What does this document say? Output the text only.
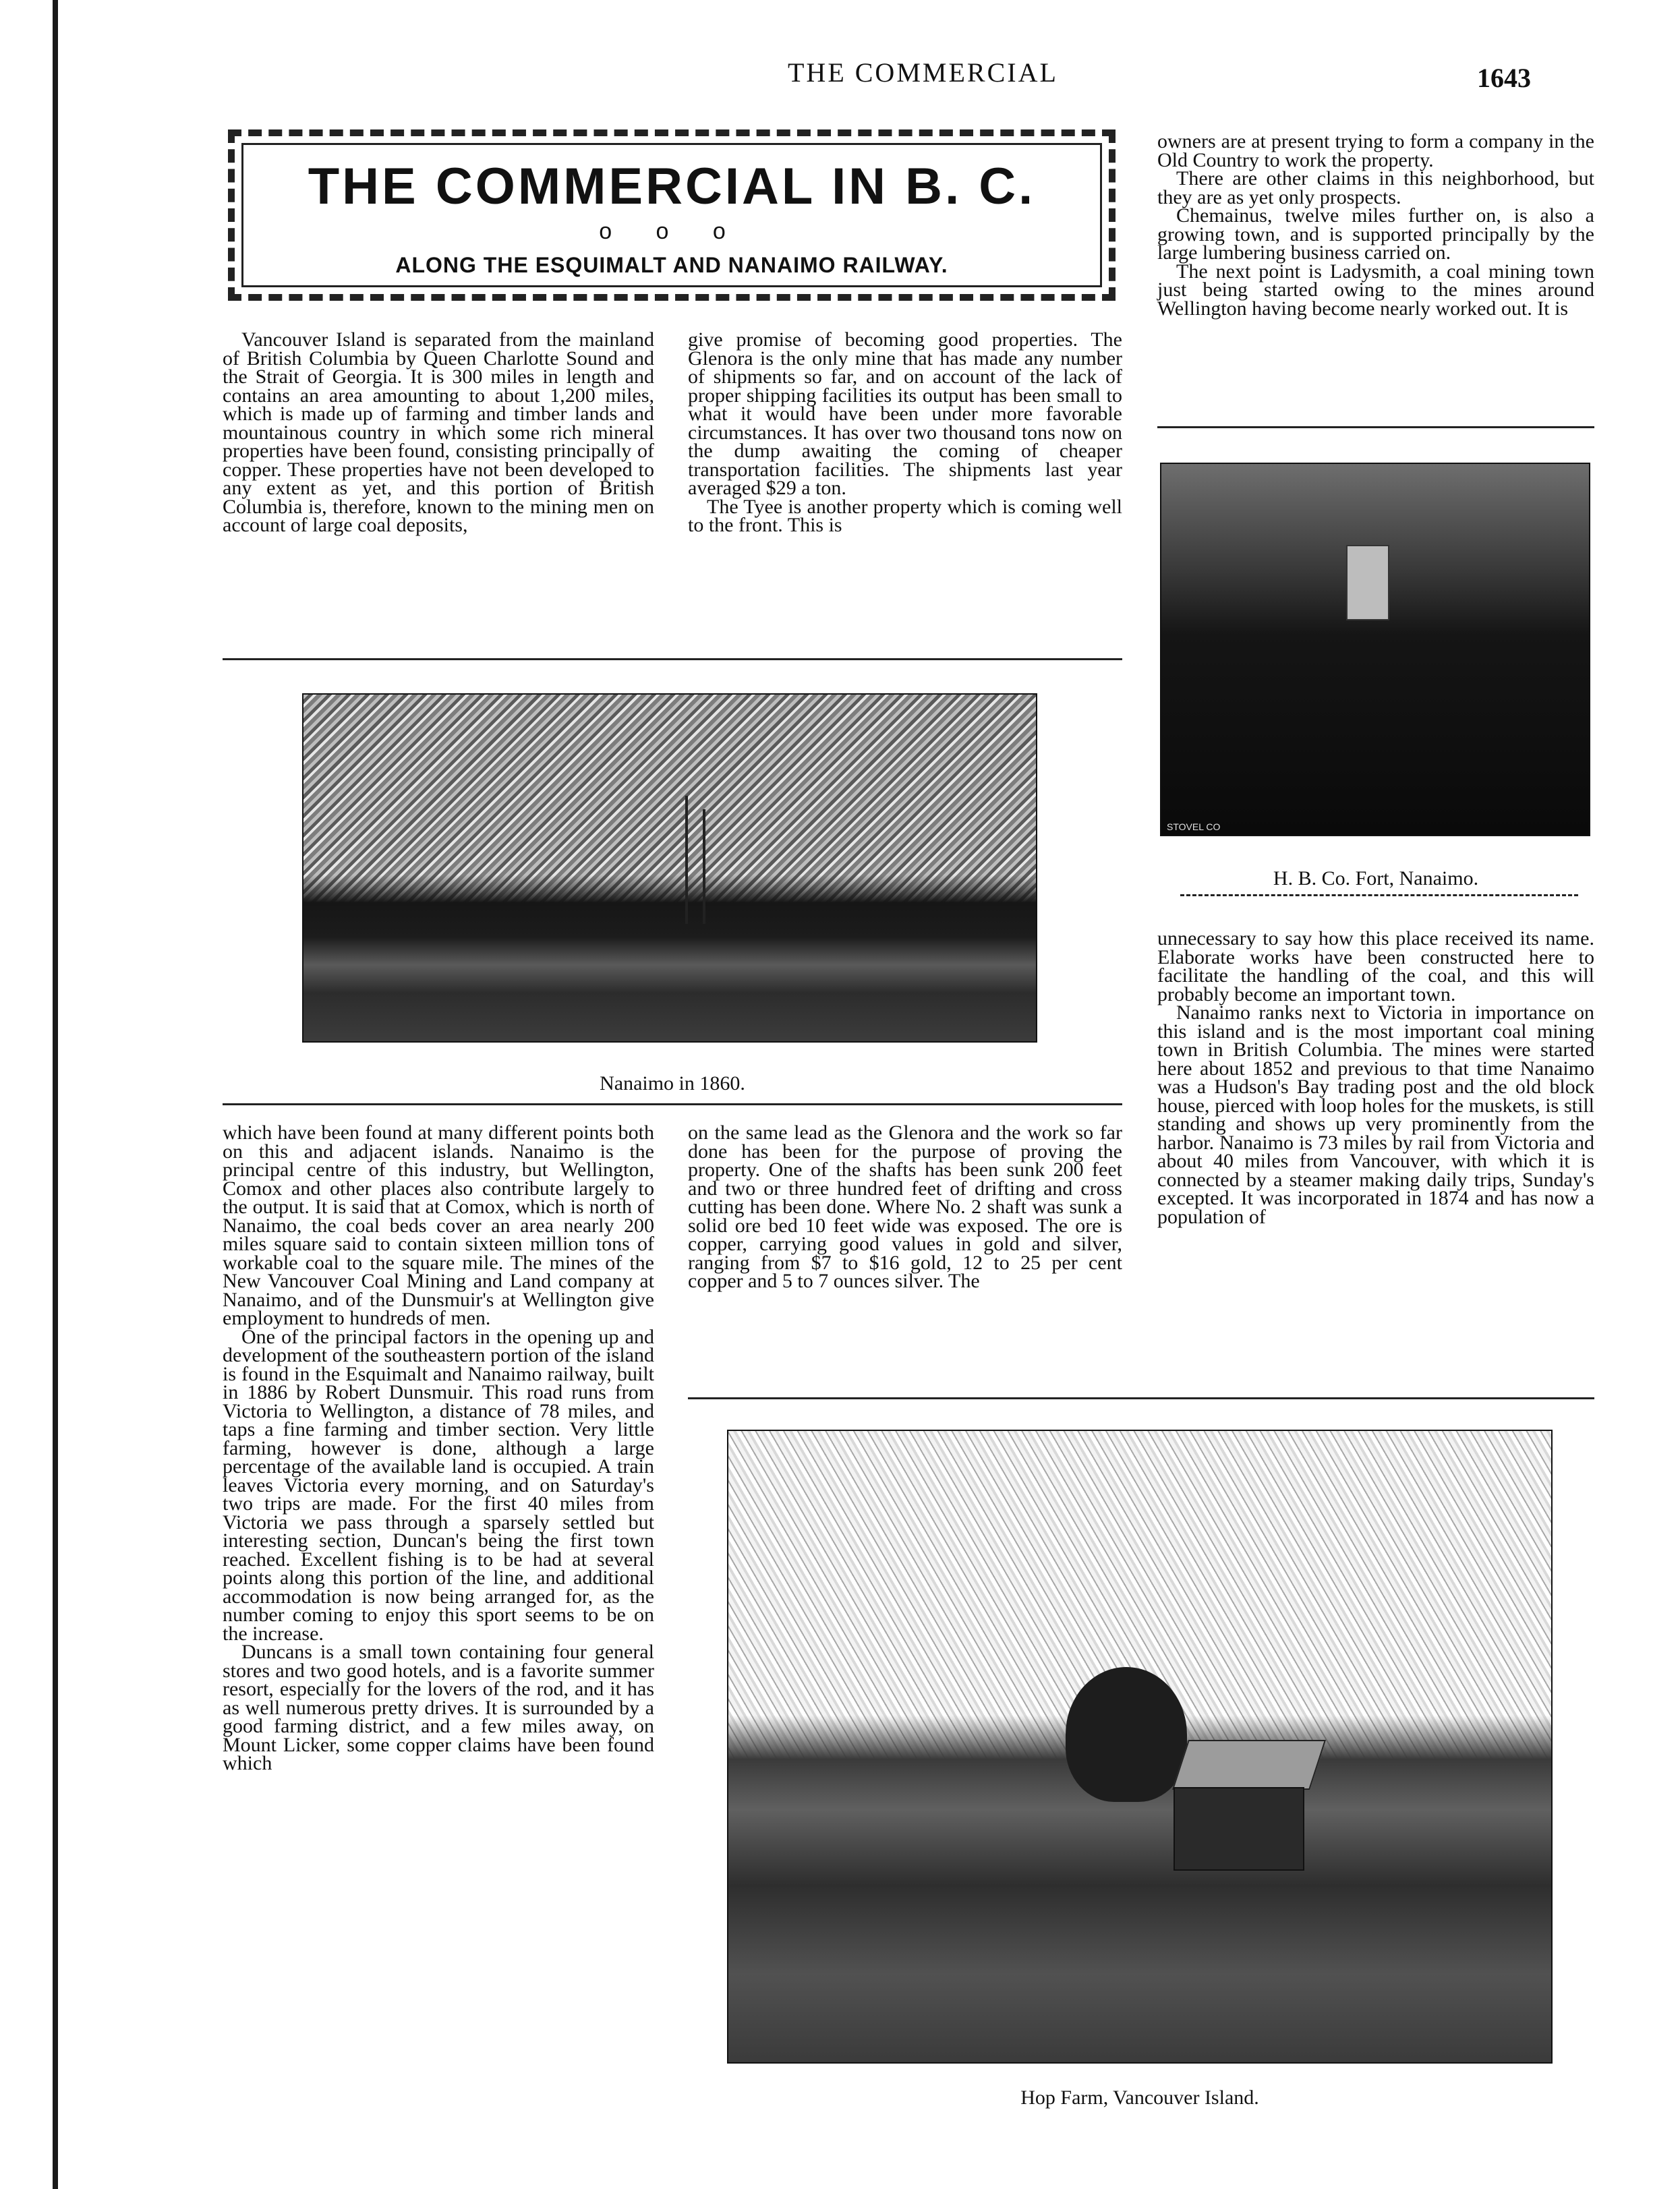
THE COMMERCIAL	1643
THE COMMERCIAL IN B. C.
o o o
ALONG THE ESQUIMALT AND NANAIMO RAILWAY.

Vancouver Island is separated from the mainland of British Columbia by Queen Charlotte Sound and the Strait of Georgia. It is 300 miles in length and contains an area amounting to about 1,200 miles, which is made up of farming and timber lands and mountainous country in which some rich mineral properties have been found, consisting principally of copper. These properties have not been developed to any extent as yet, and this portion of British Columbia is, therefore, known to the mining men on account of large coal deposits,

give promise of becoming good properties. The Glenora is the only mine that has made any number of shipments so far, and on account of the lack of proper shipping facilities its output has been small to what it would have been under more favorable circumstances. It has over two thousand tons now on the dump awaiting the coming of cheaper transportation facilities. The shipments last year averaged $29 a ton.

The Tyee is another property which is coming well to the front. This is

owners are at present trying to form a company in the Old Country to work the property.

There are other claims in this neighborhood, but they are as yet only prospects.

Chemainus, twelve miles further on, is also a growing town, and is supported principally by the large lumbering business carried on.

The next point is Ladysmith, a coal mining town just being started owing to the mines around Wellington having become nearly worked out. It is

STOVEL CO
H. B. Co. Fort, Nanaimo.

unnecessary to say how this place received its name. Elaborate works have been constructed here to facilitate the handling of the coal, and this will probably become an important town.

Nanaimo ranks next to Victoria in importance on this island and is the most important coal mining town in British Columbia. The mines were started here about 1852 and previous to that time Nanaimo was a Hudson's Bay trading post and the old block house, pierced with loop holes for the muskets, is still standing and shows up very prominently from the harbor. Nanaimo is 73 miles by rail from Victoria and about 40 miles from Vancouver, with which it is connected by a steamer making daily trips, Sunday's excepted. It was incorporated in 1874 and has now a population of

Nanaimo in 1860.

which have been found at many different points both on this and adjacent islands. Nanaimo is the principal centre of this industry, but Wellington, Comox and other places also contribute largely to the output. It is said that at Comox, which is north of Nanaimo, the coal beds cover an area nearly 200 miles square said to contain sixteen million tons of workable coal to the square mile. The mines of the New Vancouver Coal Mining and Land company at Nanaimo, and of the Dunsmuir's at Wellington give employment to hundreds of men.

One of the principal factors in the opening up and development of the southeastern portion of the island is found in the Esquimalt and Nanaimo railway, built in 1886 by Robert Dunsmuir. This road runs from Victoria to Wellington, a distance of 78 miles, and taps a fine farming and timber section. Very little farming, however is done, although a large percentage of the available land is occupied. A train leaves Victoria every morning, and on Saturday's two trips are made. For the first 40 miles from Victoria we pass through a sparsely settled but interesting section, Duncan's being the first town reached. Excellent fishing is to be had at several points along this portion of the line, and additional accommodation is now being arranged for, as the number coming to enjoy this sport seems to be on the increase.

Duncans is a small town containing four general stores and two good hotels, and is a favorite summer resort, especially for the lovers of the rod, and it has as well numerous pretty drives. It is surrounded by a good farming district, and a few miles away, on Mount Licker, some copper claims have been found which

on the same lead as the Glenora and the work so far done has been for the purpose of proving the property. One of the shafts has been sunk 200 feet and two or three hundred feet of drifting and cross cutting has been done. Where No. 2 shaft was sunk a solid ore bed 10 feet wide was exposed. The ore is copper, carrying good values in gold and silver, ranging from $7 to $16 gold, 12 to 25 per cent copper and 5 to 7 ounces silver. The

Hop Farm, Vancouver Island.
